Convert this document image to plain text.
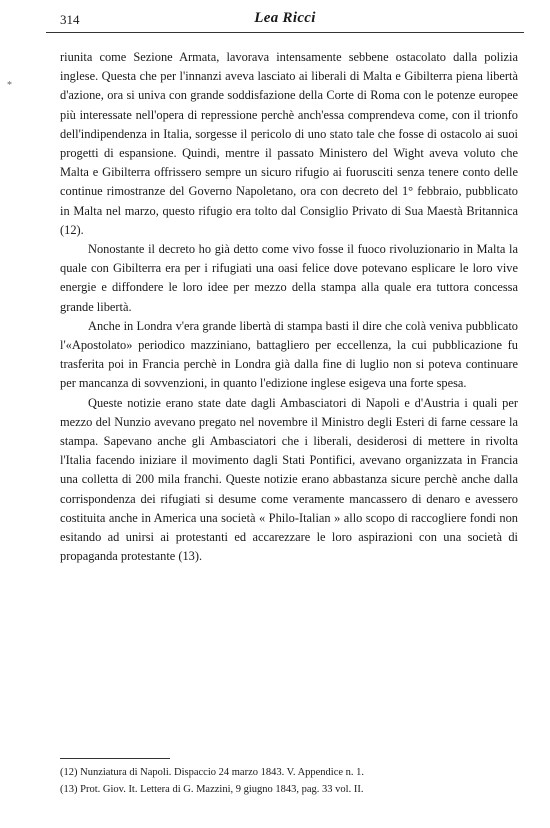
314	Lea Ricci
*

riunita come Sezione Armata, lavorava intensamente sebbene ostacolato dalla polizia inglese. Questa che per l'innanzi aveva lasciato ai liberali di Malta e Gibilterra piena libertà d'azione, ora si univa con grande soddisfazione della Corte di Roma con le potenze europee più interessate nell'opera di repressione perchè anch'essa comprendeva come, con il trionfo dell'indipendenza in Italia, sorgesse il pericolo di uno stato tale che fosse di ostacolo ai suoi progetti di espansione. Quindi, mentre il passato Ministero del Wight aveva voluto che Malta e Gibilterra offrissero sempre un sicuro rifugio ai fuorusciti senza tenere conto delle continue rimostranze del Governo Napoletano, ora con decreto del 1° febbraio, pubblicato in Malta nel marzo, questo rifugio era tolto dal Consiglio Privato di Sua Maestà Britannica (12).

Nonostante il decreto ho già detto come vivo fosse il fuoco rivoluzionario in Malta la quale con Gibilterra era per i rifugiati una oasi felice dove potevano esplicare le loro vive energie e diffondere le loro idee per mezzo della stampa alla quale era tuttora concessa grande libertà.

Anche in Londra v'era grande libertà di stampa basti il dire che colà veniva pubblicato l'«Apostolato» periodico mazziniano, battagliero per eccellenza, la cui pubblicazione fu trasferita poi in Francia perchè in Londra già dalla fine di luglio non si poteva continuare per mancanza di sovvenzioni, in quanto l'edizione inglese esigeva una forte spesa.

Queste notizie erano state date dagli Ambasciatori di Napoli e d'Austria i quali per mezzo del Nunzio avevano pregato nel novembre il Ministro degli Esteri di farne cessare la stampa. Sapevano anche gli Ambasciatori che i liberali, desiderosi di mettere in rivolta l'Italia facendo iniziare il movimento dagli Stati Pontifici, avevano organizzata in Francia una colletta di 200 mila franchi. Queste notizie erano abbastanza sicure perchè anche dalla corrispondenza dei rifugiati si desume come veramente mancassero di denaro e avessero costituita anche in America una società « Philo-Italian » allo scopo di raccogliere fondi non esitando ad unirsi ai protestanti ed accarezzare le loro aspirazioni con una società di propaganda protestante (13).

(12) Nunziatura di Napoli. Dispaccio 24 marzo 1843. V. Appendice n. 1.

(13) Prot. Giov. It. Lettera di G. Mazzini, 9 giugno 1843, pag. 33 vol. II.
